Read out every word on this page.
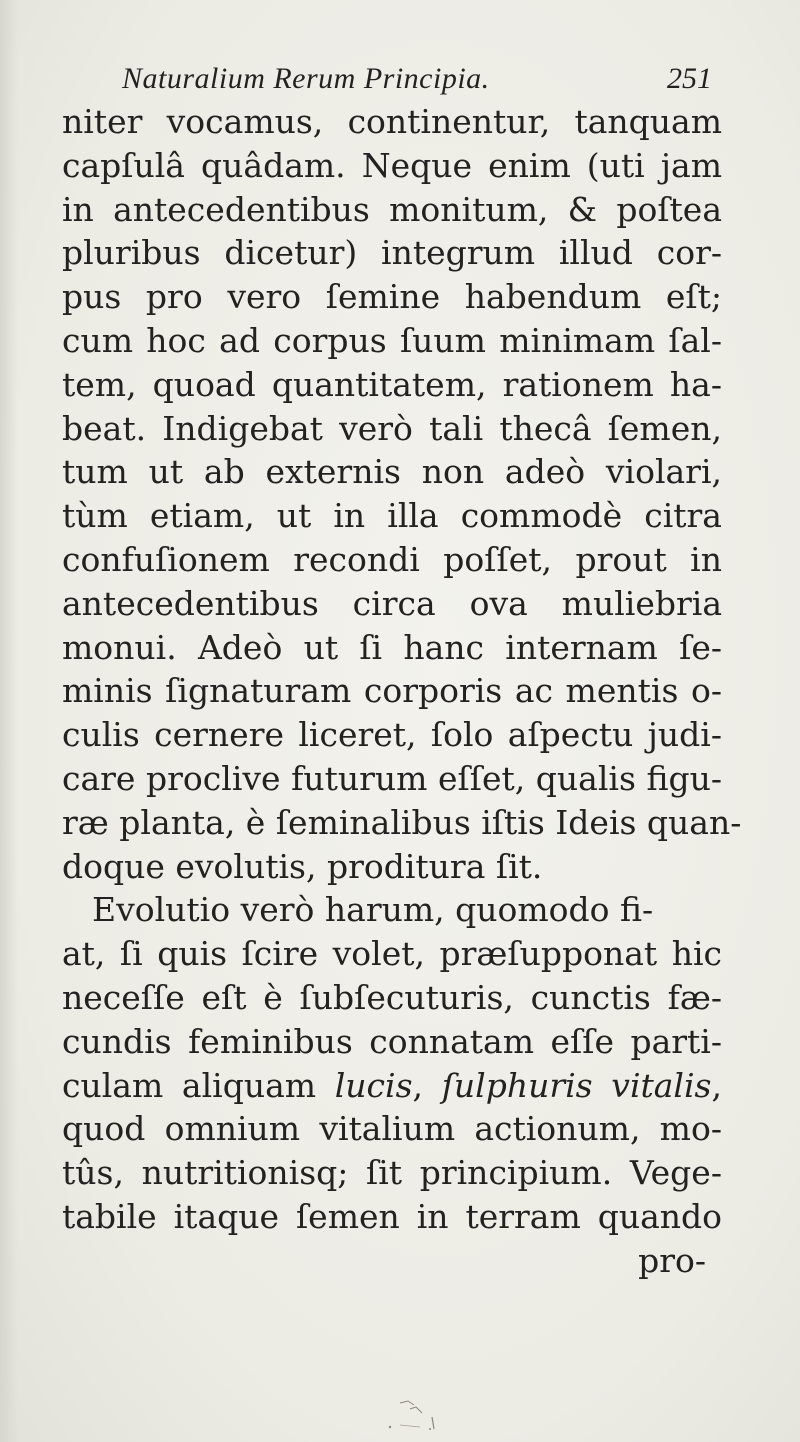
Naturalium Rerum Principia.	251
niter vocamus, continentur, tanquam
capſulâ quâdam. Neque enim (uti jam
in antecedentibus monitum, & poſtea
pluribus dicetur) integrum illud cor-
pus pro vero ſemine habendum eſt;
cum hoc ad corpus ſuum minimam ſal-
tem, quoad quantitatem, rationem ha-
beat. Indigebat verò tali thecâ ſemen,
tum ut ab externis non adeò violari,
tùm etiam, ut in illa commodè citra
confuſionem recondi poſſet, prout in
antecedentibus circa ova muliebria
monui. Adeò ut ſi hanc internam ſe-
minis ſignaturam corporis ac mentis o-
culis cernere liceret, ſolo aſpectu judi-
care proclive futurum eſſet, qualis figu-
ræ planta, è ſeminalibus iſtis Ideis quan-
doque evolutis, proditura ſit.
Evolutio verò harum, quomodo fi-
at, ſi quis ſcire volet, præſupponat hic
neceſſe eſt è ſubſecuturis, cunctis fæ-
cundis feminibus connatam eſſe parti-
culam aliquam lucis, ſulphuris vitalis,
quod omnium vitalium actionum, mo-
tûs, nutritionisq; ſit principium. Vege-
tabile itaque ſemen in terram quando
pro-
